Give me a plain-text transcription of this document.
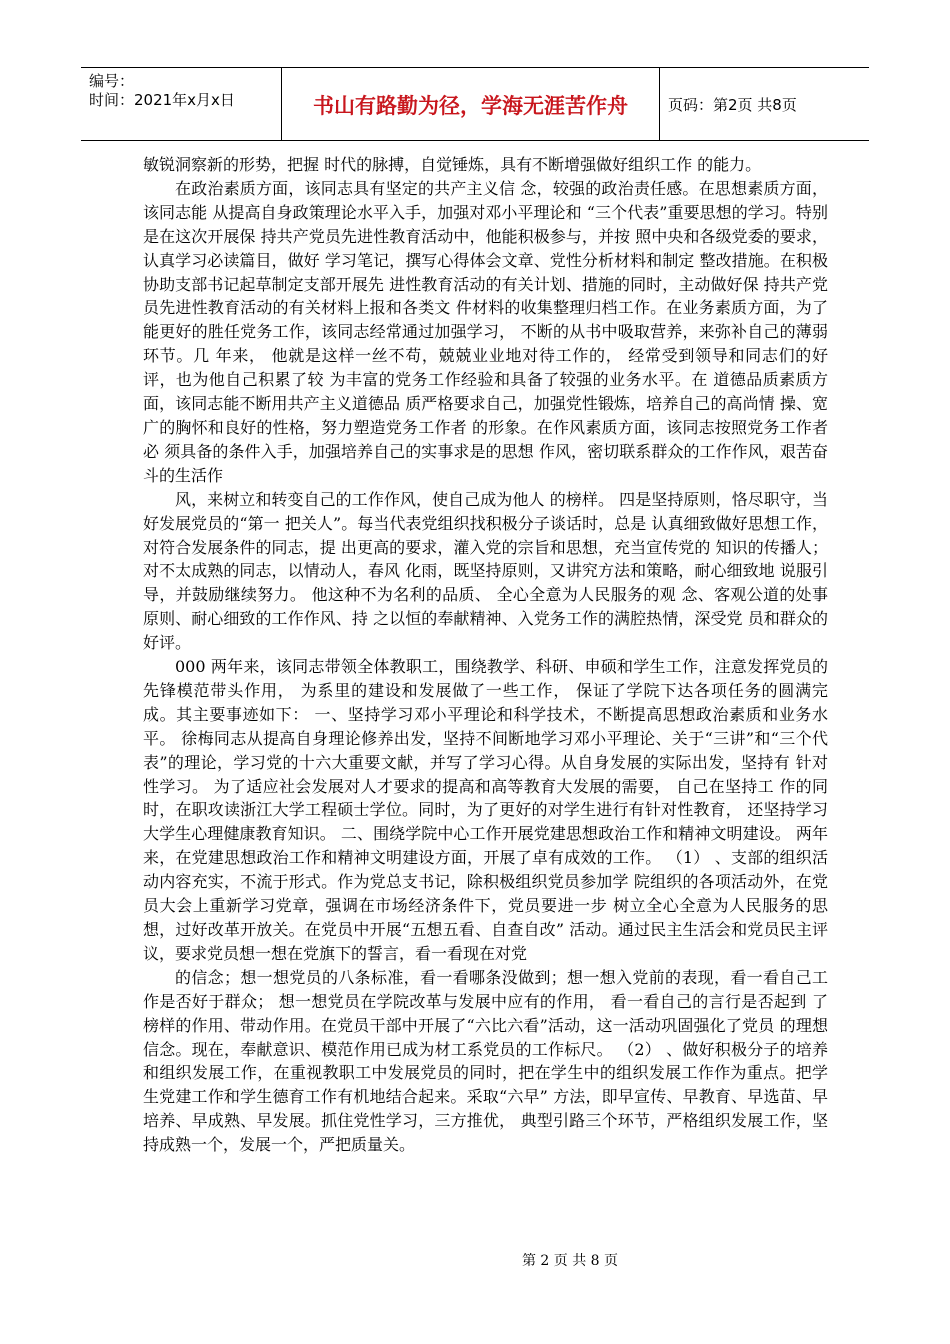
编号：
时间：2021年x月x日	书山有路勤为径，学海无涯苦作舟	页码：第2页 共8页

敏锐洞察新的形势，把握 时代的脉搏，自觉锤炼，具有不断增强做好组织工作 的能力。

在政治素质方面，该同志具有坚定的共产主义信 念，较强的政治责任感。在思想素质方面，该同志能 从提高自身政策理论水平入手，加强对邓小平理论和 “三个代表”重要思想的学习。特别是在这次开展保 持共产党员先进性教育活动中，他能积极参与，并按 照中央和各级党委的要求，认真学习必读篇目，做好 学习笔记，撰写心得体会文章、党性分析材料和制定 整改措施。在积极协助支部书记起草制定支部开展先 进性教育活动的有关计划、措施的同时，主动做好保 持共产党员先进性教育活动的有关材料上报和各类文 件材料的收集整理归档工作。在业务素质方面，为了 能更好的胜任党务工作，该同志经常通过加强学习， 不断的从书中吸取营养，来弥补自己的薄弱环节。几 年来， 他就是这样一丝不苟，兢兢业业地对待工作的， 经常受到领导和同志们的好评，也为他自己积累了较 为丰富的党务工作经验和具备了较强的业务水平。在 道德品质素质方面，该同志能不断用共产主义道德品 质严格要求自己，加强党性锻炼，培养自己的高尚情 操、宽广的胸怀和良好的性格，努力塑造党务工作者 的形象。在作风素质方面，该同志按照党务工作者必 须具备的条件入手，加强培养自己的实事求是的思想 作风，密切联系群众的工作作风，艰苦奋斗的生活作

风，来树立和转变自己的工作作风，使自己成为他人 的榜样。 四是坚持原则，恪尽职守，当好发展党员的“第一 把关人”。每当代表党组织找积极分子谈话时，总是 认真细致做好思想工作，对符合发展条件的同志，提 出更高的要求，灌入党的宗旨和思想，充当宣传党的 知识的传播人；对不太成熟的同志，以情动人，春风 化雨，既坚持原则，又讲究方法和策略，耐心细致地 说服引导，并鼓励继续努力。 他这种不为名利的品质、 全心全意为人民服务的观 念、客观公道的处事原则、耐心细致的工作作风、持 之以恒的奉献精神、入党务工作的满腔热情，深受党 员和群众的好评。

000 两年来，该同志带领全体教职工，围绕教学、科研、申硕和学生工作，注意发挥党员的 先锋模范带头作用， 为系里的建设和发展做了一些工作， 保证了学院下达各项任务的圆满完 成。其主要事迹如下： 一、坚持学习邓小平理论和科学技术，不断提高思想政治素质和业务水平。 徐梅同志从提高自身理论修养出发，坚持不间断地学习邓小平理论、关于“三讲”和“三个代 表”的理论，学习党的十六大重要文献，并写了学习心得。从自身发展的实际出发，坚持有 针对性学习。 为了适应社会发展对人才要求的提高和高等教育大发展的需要， 自己在坚持工 作的同时，在职攻读浙江大学工程硕士学位。同时，为了更好的对学生进行有针对性教育， 还坚持学习大学生心理健康教育知识。 二、围绕学院中心工作开展党建思想政治工作和精神文明建设。 两年来，在党建思想政治工作和精神文明建设方面，开展了卓有成效的工作。 （1） 、支部的组织活动内容充实，不流于形式。作为党总支书记，除积极组织党员参加学 院组织的各项活动外，在党员大会上重新学习党章，强调在市场经济条件下，党员要进一步 树立全心全意为人民服务的思想，过好改革开放关。在党员中开展“五想五看、自查自改” 活动。通过民主生活会和党员民主评议，要求党员想一想在党旗下的誓言，看一看现在对党

的信念；想一想党员的八条标准，看一看哪条没做到；想一想入党前的表现，看一看自己工 作是否好于群众； 想一想党员在学院改革与发展中应有的作用， 看一看自己的言行是否起到 了榜样的作用、带动作用。在党员干部中开展了“六比六看”活动，这一活动巩固强化了党员 的理想信念。现在，奉献意识、模范作用已成为材工系党员的工作标尺。 （2） 、做好积极分子的培养和组织发展工作，在重视教职工中发展党员的同时，把在学生中的组织发展工作作为重点。把学生党建工作和学生德育工作有机地结合起来。采取“六早” 方法，即早宣传、早教育、早选苗、早培养、早成熟、早发展。抓住党性学习，三方推优， 典型引路三个环节，严格组织发展工作，坚持成熟一个，发展一个，严把质量关。

第 2 页 共 8 页
